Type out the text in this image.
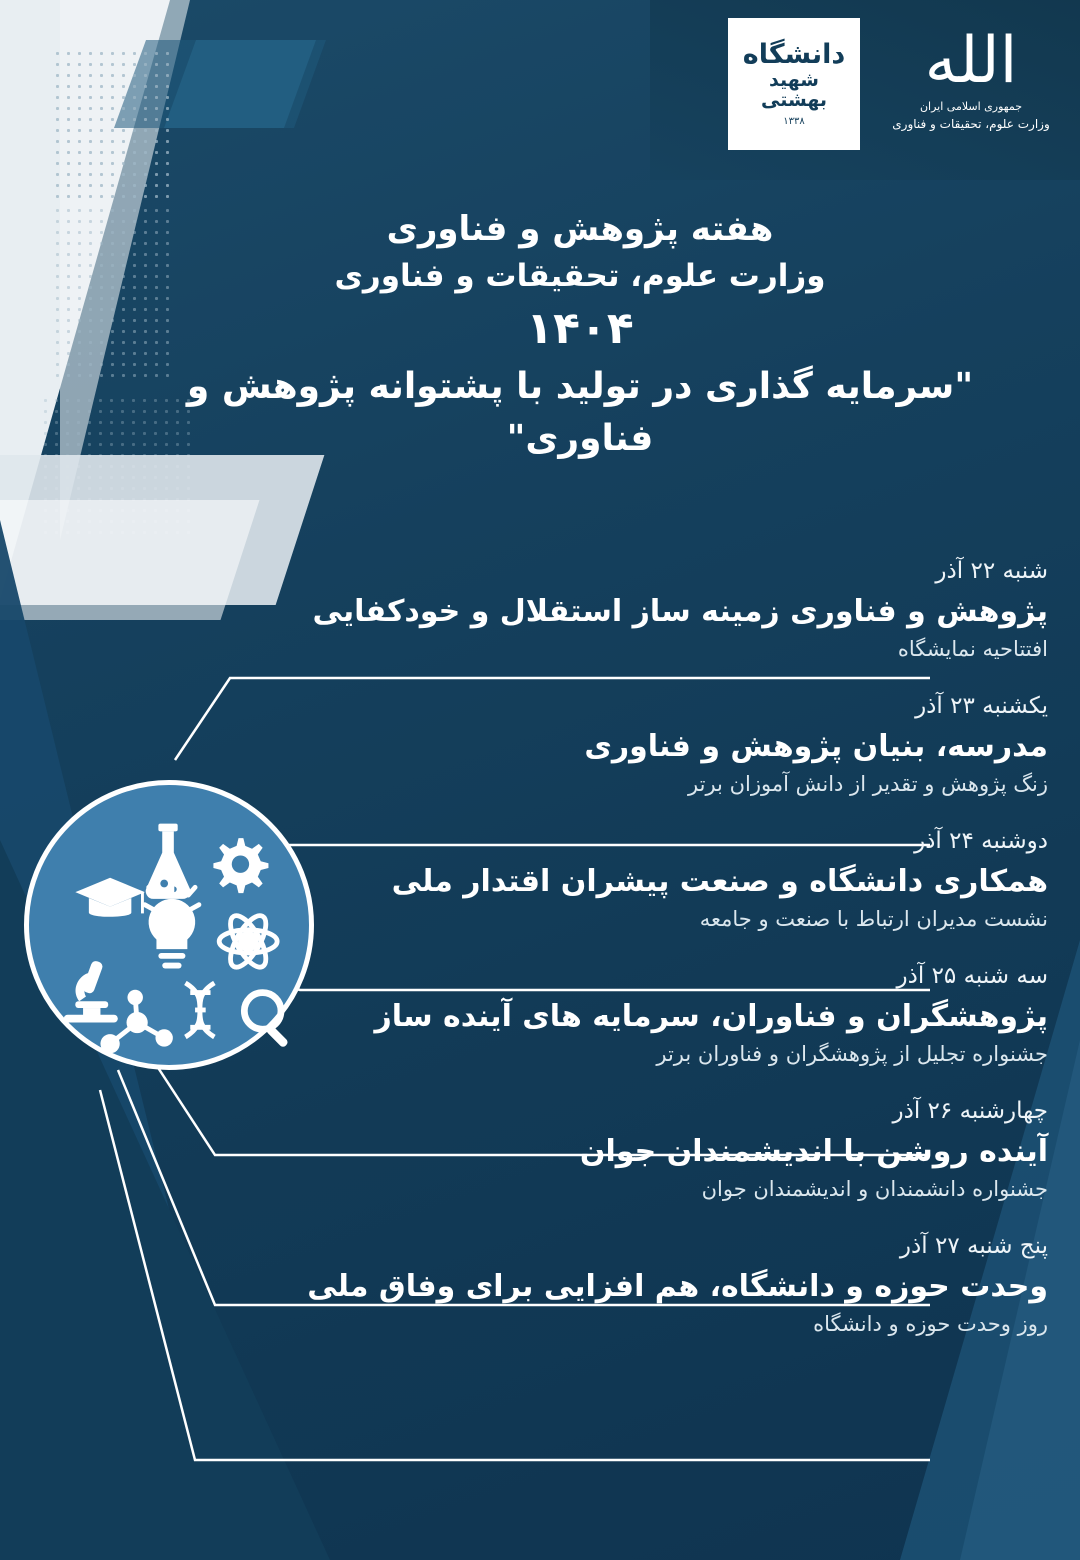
الله
جمهوری اسلامی ایران
وزارت علوم، تحقیقات و فناوری
دانشگاه
شهید بهشتی
۱۳۳۸
هفته پژوهش و فناوری
وزارت علوم، تحقیقات و فناوری
۱۴۰۴
"سرمایه گذاری در تولید با پشتوانه پژوهش و فناوری"
شنبه ۲۲ آذر
پژوهش و فناوری زمینه ساز استقلال و خودکفایی
افتتاحیه نمایشگاه
یکشنبه ۲۳ آذر
مدرسه، بنیان پژوهش و فناوری
زنگ پژوهش و تقدیر از دانش آموزان برتر
دوشنبه ۲۴ آذر
همکاری دانشگاه و صنعت پیشران اقتدار ملی
نشست مدیران ارتباط با صنعت و جامعه
سه شنبه ۲۵ آذر
پژوهشگران و فناوران، سرمایه های آینده ساز
جشنواره تجلیل از پژوهشگران و فناوران برتر
چهارشنبه ۲۶ آذر
آینده روشن با اندیشمندان جوان
جشنواره دانشمندان و اندیشمندان جوان
پنج شنبه ۲۷ آذر
وحدت حوزه و دانشگاه، هم افزایی برای وفاق ملی
روز وحدت حوزه و دانشگاه
